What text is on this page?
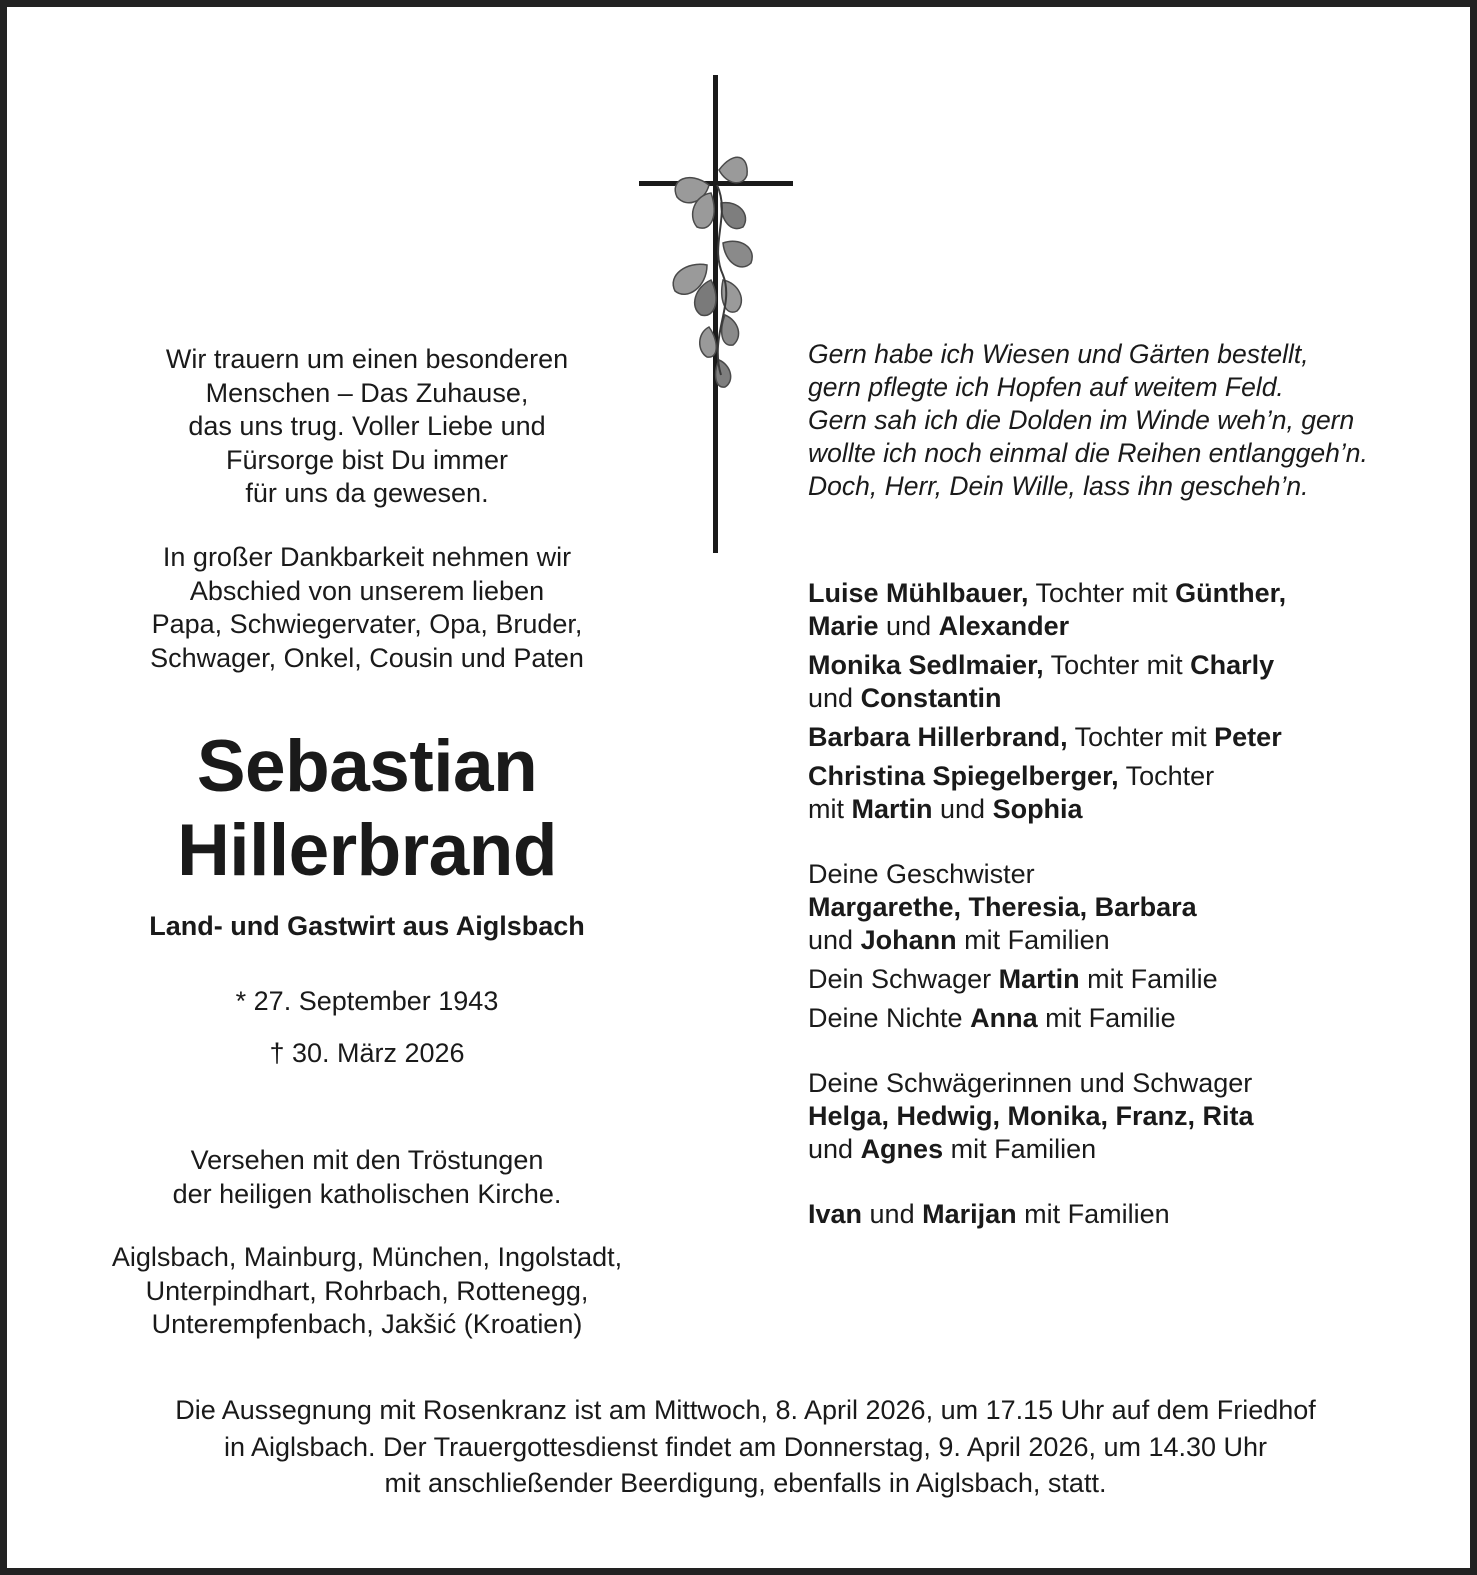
Wir trauern um einen besonderen
Menschen – Das Zuhause,
das uns trug. Voller Liebe und
Fürsorge bist Du immer
für uns da gewesen.
In großer Dankbarkeit nehmen wir
Abschied von unserem lieben
Papa, Schwiegervater, Opa, Bruder,
Schwager, Onkel, Cousin und Paten
Sebastian
Hillerbrand
Land- und Gastwirt aus Aiglsbach
* 27. September 1943
† 30. März 2026
Versehen mit den Tröstungen
der heiligen katholischen Kirche.
Aiglsbach, Mainburg, München, Ingolstadt,
Unterpindhart, Rohrbach, Rottenegg,
Unterempfenbach, Jakšić (Kroatien)
Gern habe ich Wiesen und Gärten bestellt,
gern pflegte ich Hopfen auf weitem Feld.
Gern sah ich die Dolden im Winde weh’n, gern
wollte ich noch einmal die Reihen entlanggeh’n.
Doch, Herr, Dein Wille, lass ihn gescheh’n.
Luise Mühlbauer, Tochter mit Günther,
Marie und Alexander
Monika Sedlmaier, Tochter mit Charly
und Constantin
Barbara Hillerbrand, Tochter mit Peter
Christina Spiegelberger, Tochter
mit Martin und Sophia
Deine Geschwister
Margarethe, Theresia, Barbara
und Johann mit Familien
Dein Schwager Martin mit Familie
Deine Nichte Anna mit Familie
Deine Schwägerinnen und Schwager
Helga, Hedwig, Monika, Franz, Rita
und Agnes mit Familien
Ivan und Marijan mit Familien
Die Aussegnung mit Rosenkranz ist am Mittwoch, 8. April 2026, um 17.15 Uhr auf dem Friedhof
in Aiglsbach. Der Trauergottesdienst findet am Donnerstag, 9. April 2026, um 14.30 Uhr
mit anschließender Beerdigung, ebenfalls in Aiglsbach, statt.
